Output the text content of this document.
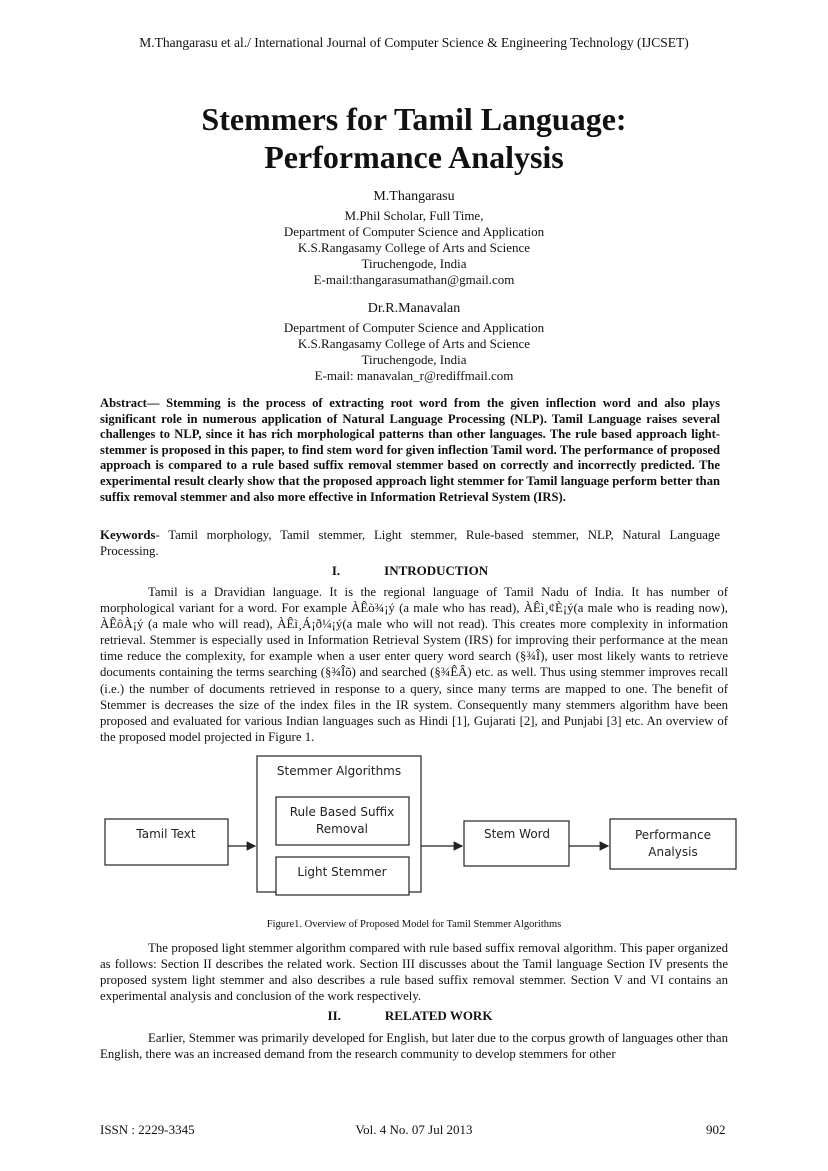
M.Thangarasu et al./ International Journal of Computer Science & Engineering Technology (IJCSET)
Stemmers for Tamil Language:
Performance Analysis
M.Thangarasu
M.Phil Scholar, Full Time,
Department of Computer Science and Application
K.S.Rangasamy College of Arts and Science
Tiruchengode, India
E-mail:thangarasumathan@gmail.com
Dr.R.Manavalan
Department of Computer Science and Application
K.S.Rangasamy College of Arts and Science
Tiruchengode, India
E-mail: manavalan_r@rediffmail.com
Abstract— Stemming is the process of extracting root word from the given inflection word and also plays significant role in numerous application of Natural Language Processing (NLP). Tamil Language raises several challenges to NLP, since it has rich morphological patterns than other languages. The rule based approach light-stemmer is proposed in this paper, to find stem word for given inflection Tamil word. The performance of proposed approach is compared to a rule based suffix removal stemmer based on correctly and incorrectly predicted. The experimental result clearly show that the proposed approach light stemmer for Tamil language perform better than suffix removal stemmer and also more effective in Information Retrieval System (IRS).
Keywords- Tamil morphology, Tamil stemmer, Light stemmer, Rule-based stemmer, NLP, Natural Language Processing.
I.	INTRODUCTION
Tamil is a Dravidian language. It is the regional language of Tamil Nadu of India. It has number of morphological variant for a word. For example ÀÊò¾¡ý (a male who has read), ÀÊì¸¢È¡ý(a male who is reading now), ÀÊôÀ¡ý (a male who will read), ÀÊì¸Á¡ð¼¡ý(a male who will not read). This creates more complexity in information retrieval. Stemmer is especially used in Information Retrieval System (IRS) for improving their performance at the mean time reduce the complexity, for example when a user enter query word search (§¾Î), user most likely wants to retrieve documents containing the terms searching (§¾Îõ) and searched (§¾ÊÂ) etc. as well. Thus using stemmer improves recall (i.e.) the number of documents retrieved in response to a query, since many terms are mapped to one. The benefit of Stemmer is decreases the size of the index files in the IR system. Consequently many stemmers algorithm have been proposed and evaluated for various Indian languages such as Hindi [1], Gujarati [2], and Punjabi [3] etc. An overview of the proposed model projected in Figure 1.
Tamil Text
Stemmer Algorithms
Rule Based Suffix
Removal
Light Stemmer
Stem Word	Performance
Analysis
Figure1. Overview of Proposed Model for Tamil Stemmer Algorithms
The proposed light stemmer algorithm compared with rule based suffix removal algorithm. This paper organized as follows: Section II describes the related work. Section III discusses about the Tamil language Section IV presents the proposed system light stemmer and also describes a rule based suffix removal stemmer. Section V and VI contains an experimental analysis and conclusion of the work respectively.
II.	RELATED WORK
Earlier, Stemmer was primarily developed for English, but later due to the corpus growth of languages other than English, there was an increased demand from the research community to develop stemmers for other
ISSN : 2229-3345	Vol. 4 No. 07 Jul 2013	902
